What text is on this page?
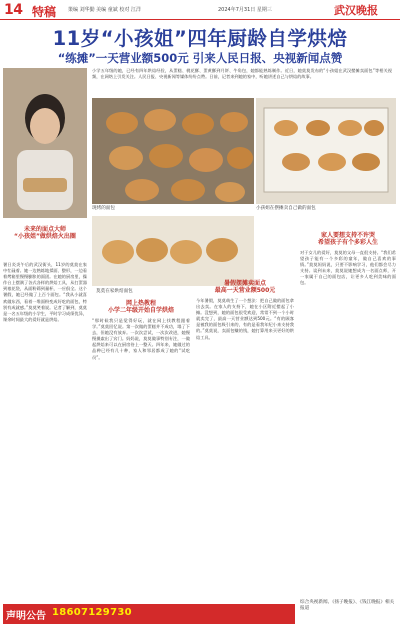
14 特稿 策编 刘华勤 美编 童斌 校对 江洋	2024年7月31日 星期三	武汉晚报
11岁“小孩姐”四年厨龄自学烘焙
“练摊”一天营业额500元 引来人民日报、央视新闻点赞
小学五年级的她，已经有四年烘焙经验，从蛋糕、桃花酥、蛋黄酥到月饼、牛角包，她都能熟练制作。近日，她莫莫发布的“小孩姐在武汉摆摊卖面包”等相关视频，在网络上引发关注。人民日报、央视新闻等媒体纷纷点赞。日前，记者来到她的家中，听她讲述自己与烘焙的故事。
现烤的面包	小孩姐在摆摊卖自己做的面包
莫莫在家烘焙面包
未来的面点大师
“小孩姐”做烘焙火出圈
暑日炎炎午后的武汉街头，11岁的莫莫在家中忙碌着。她一边熟练地揉面、整形，一边看着烤箱里慢慢膨胀的面团。在她的厨房里，操作台上摆满了各式各样的烘焙工具，从打蛋器到裱花袋，从面粉筛到量杯，一应俱全。这个暑假，她已经做了上百个面包。“我从小就喜欢做东西，看着一堆面粉变成好吃的面包，特别有成就感。”莫莫笑着说。记者了解到，莫莫是一名五年级的小学生，平时学习成绩优异，课余时间最大的爱好就是烘焙。
网上热教程
小学二年级开始自学烘焙
“那时候我只是觉得好玩，就在网上找教程跟着学。”莫莫回忆说。第一次做的蛋糕并不成功，塌了下去，但她没有放弃。一次次尝试，一次次改进，她慢慢摸索出了窍门。妈妈说，莫莫做事特别专注，一做起烘焙来可以在厨房待上一整天。四年来，她做过的品种已经有几十种，家人和邻居都成了她的“试吃员”。
暑假摆摊卖面点
最高一天营业额500元
今年暑假，莫莫萌生了一个想法：把自己做的面包拿出去卖。在家人的支持下，她在小区附近摆起了小摊。没想到，她的面包很受欢迎，常常不到一个小时就卖完了，最高一天营业额达到500元。“有的顾客是被我的面包吸引来的，有的是看我年纪小来支持我的。”莫莫说，卖面包赚的钱，她打算用来买更好的烘焙工具。
家人要想支持不许哭
希望孩子有个多彩人生
对于女儿的爱好，莫莫的父母一直很支持。“我们希望孩子能有一个多彩的童年，做自己喜欢的事情。”莫莫妈妈说，只要不影响学习，他们都会尽力支持。谈到未来，莫莫说她想成为一名面点师，开一家属于自己的面包店，让更多人吃到美味的面包。
声明公告 18607129730
综合央视新闻、《扬子晚报》、《钱江晚报》相关报道
